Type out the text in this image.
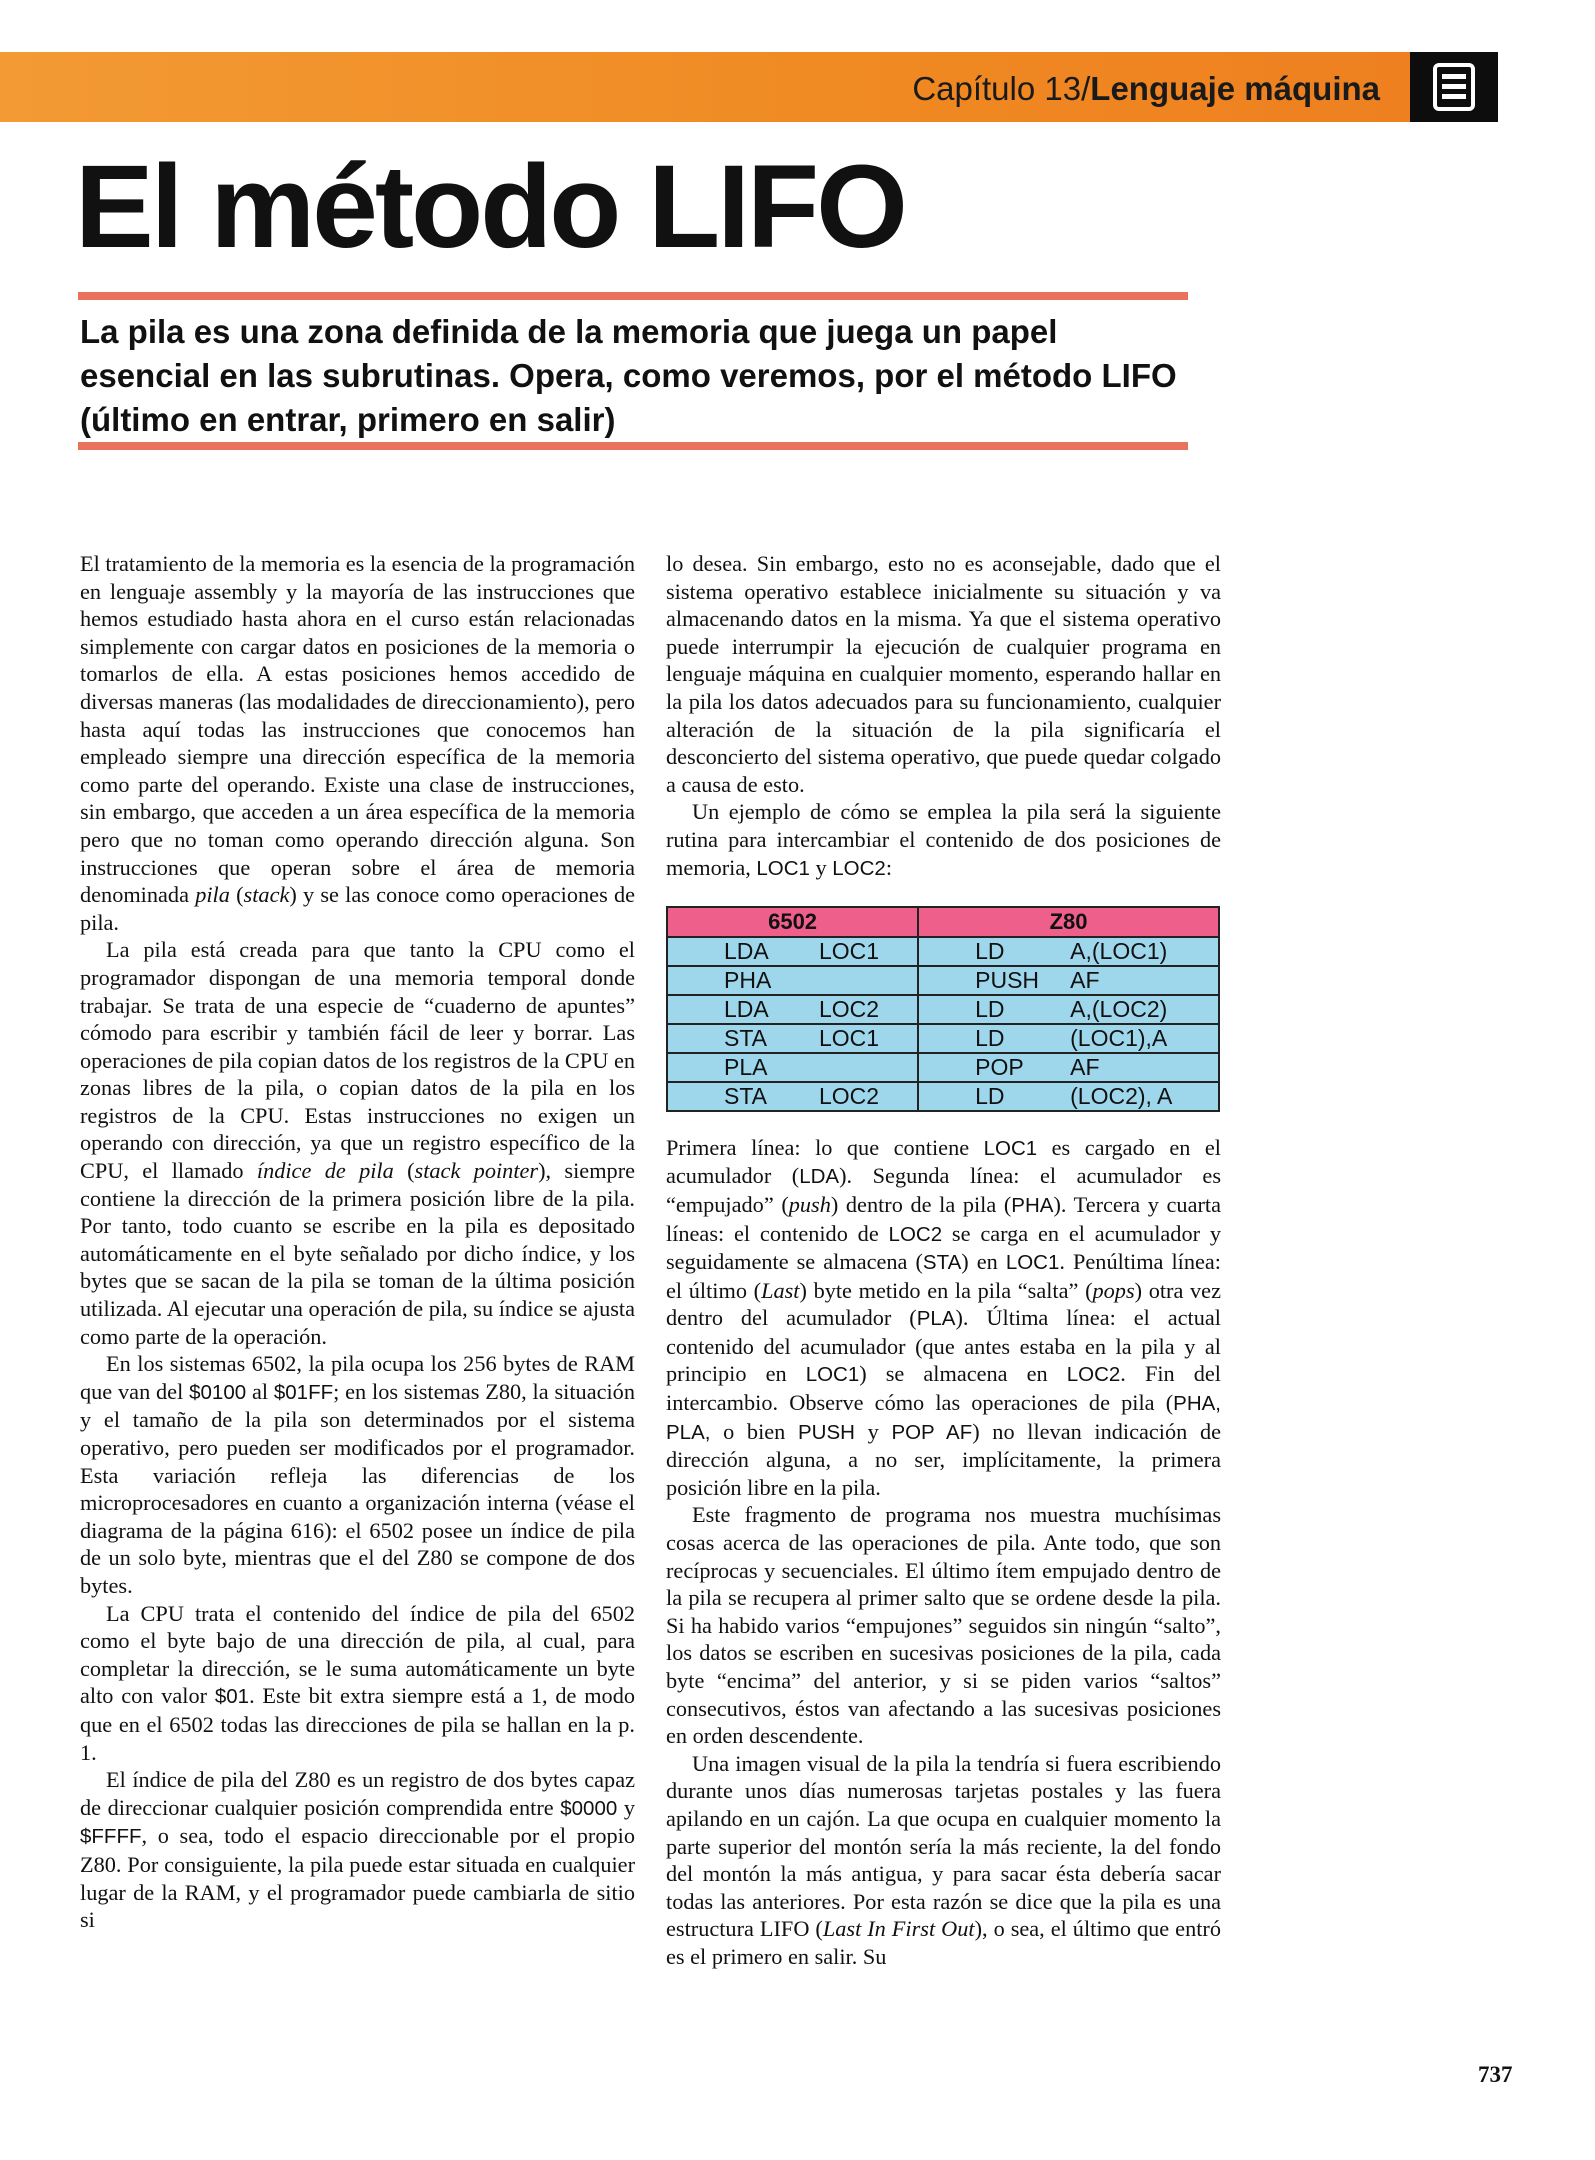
Capítulo 13/Lenguaje máquina
El método LIFO

La pila es una zona definida de la memoria que juega un papel esencial en las subrutinas. Opera, como veremos, por el método LIFO (último en entrar, primero en salir)

El tratamiento de la memoria es la esencia de la programación en lenguaje assembly y la mayoría de las instrucciones que hemos estudiado hasta ahora en el curso están relacionadas simplemente con cargar datos en posiciones de la memoria o tomarlos de ella. A estas posiciones hemos accedido de diversas maneras (las modalidades de direccionamiento), pero hasta aquí todas las instrucciones que conocemos han empleado siempre una dirección específica de la memoria como parte del operando. Existe una clase de instrucciones, sin embargo, que acceden a un área específica de la memoria pero que no toman como operando dirección alguna. Son instrucciones que operan sobre el área de memoria denominada pila (stack) y se las conoce como operaciones de pila.

La pila está creada para que tanto la CPU como el programador dispongan de una memoria temporal donde trabajar. Se trata de una especie de “cuaderno de apuntes” cómodo para escribir y también fácil de leer y borrar. Las operaciones de pila copian datos de los registros de la CPU en zonas libres de la pila, o copian datos de la pila en los registros de la CPU. Estas instrucciones no exigen un operando con dirección, ya que un registro específico de la CPU, el llamado índice de pila (stack pointer), siempre contiene la dirección de la primera posición libre de la pila. Por tanto, todo cuanto se escribe en la pila es depositado automáticamente en el byte señalado por dicho índice, y los bytes que se sacan de la pila se toman de la última posición utilizada. Al ejecutar una operación de pila, su índice se ajusta como parte de la operación.

En los sistemas 6502, la pila ocupa los 256 bytes de RAM que van del $0100 al $01FF; en los sistemas Z80, la situación y el tamaño de la pila son determinados por el sistema operativo, pero pueden ser modificados por el programador. Esta variación refleja las diferencias de los microprocesadores en cuanto a organización interna (véase el diagrama de la página 616): el 6502 posee un índice de pila de un solo byte, mientras que el del Z80 se compone de dos bytes.

La CPU trata el contenido del índice de pila del 6502 como el byte bajo de una dirección de pila, al cual, para completar la dirección, se le suma automáticamente un byte alto con valor $01. Este bit extra siempre está a 1, de modo que en el 6502 todas las direcciones de pila se hallan en la p. 1.

El índice de pila del Z80 es un registro de dos bytes capaz de direccionar cualquier posición comprendida entre $0000 y $FFFF, o sea, todo el espacio direccionable por el propio Z80. Por consiguiente, la pila puede estar situada en cualquier lugar de la RAM, y el programador puede cambiarla de sitio si

lo desea. Sin embargo, esto no es aconsejable, dado que el sistema operativo establece inicialmente su situación y va almacenando datos en la misma. Ya que el sistema operativo puede interrumpir la ejecución de cualquier programa en lenguaje máquina en cualquier momento, esperando hallar en la pila los datos adecuados para su funcionamiento, cualquier alteración de la situación de la pila significaría el desconcierto del sistema operativo, que puede quedar colgado a causa de esto.

Un ejemplo de cómo se emplea la pila será la siguiente rutina para intercambiar el contenido de dos posiciones de memoria, LOC1 y LOC2:

6502	Z80
LDA LOC1	LD A,(LOC1)
PHA	PUSH AF
LDA LOC2	LD A,(LOC2)
STA LOC1	LD (LOC1),A
PLA	POP AF
STA LOC2	LD (LOC2), A

Primera línea: lo que contiene LOC1 es cargado en el acumulador (LDA). Segunda línea: el acumulador es “empujado” (push) dentro de la pila (PHA). Tercera y cuarta líneas: el contenido de LOC2 se carga en el acumulador y seguidamente se almacena (STA) en LOC1. Penúltima línea: el último (Last) byte metido en la pila “salta” (pops) otra vez dentro del acumulador (PLA). Última línea: el actual contenido del acumulador (que antes estaba en la pila y al principio en LOC1) se almacena en LOC2. Fin del intercambio. Observe cómo las operaciones de pila (PHA, PLA, o bien PUSH y POP AF) no llevan indicación de dirección alguna, a no ser, implícitamente, la primera posición libre en la pila.

Este fragmento de programa nos muestra muchísimas cosas acerca de las operaciones de pila. Ante todo, que son recíprocas y secuenciales. El último ítem empujado dentro de la pila se recupera al primer salto que se ordene desde la pila. Si ha habido varios “empujones” seguidos sin ningún “salto”, los datos se escriben en sucesivas posiciones de la pila, cada byte “encima” del anterior, y si se piden varios “saltos” consecutivos, éstos van afectando a las sucesivas posiciones en orden descendente.

Una imagen visual de la pila la tendría si fuera escribiendo durante unos días numerosas tarjetas postales y las fuera apilando en un cajón. La que ocupa en cualquier momento la parte superior del montón sería la más reciente, la del fondo del montón la más antigua, y para sacar ésta debería sacar todas las anteriores. Por esta razón se dice que la pila es una estructura LIFO (Last In First Out), o sea, el último que entró es el primero en salir. Su

737
